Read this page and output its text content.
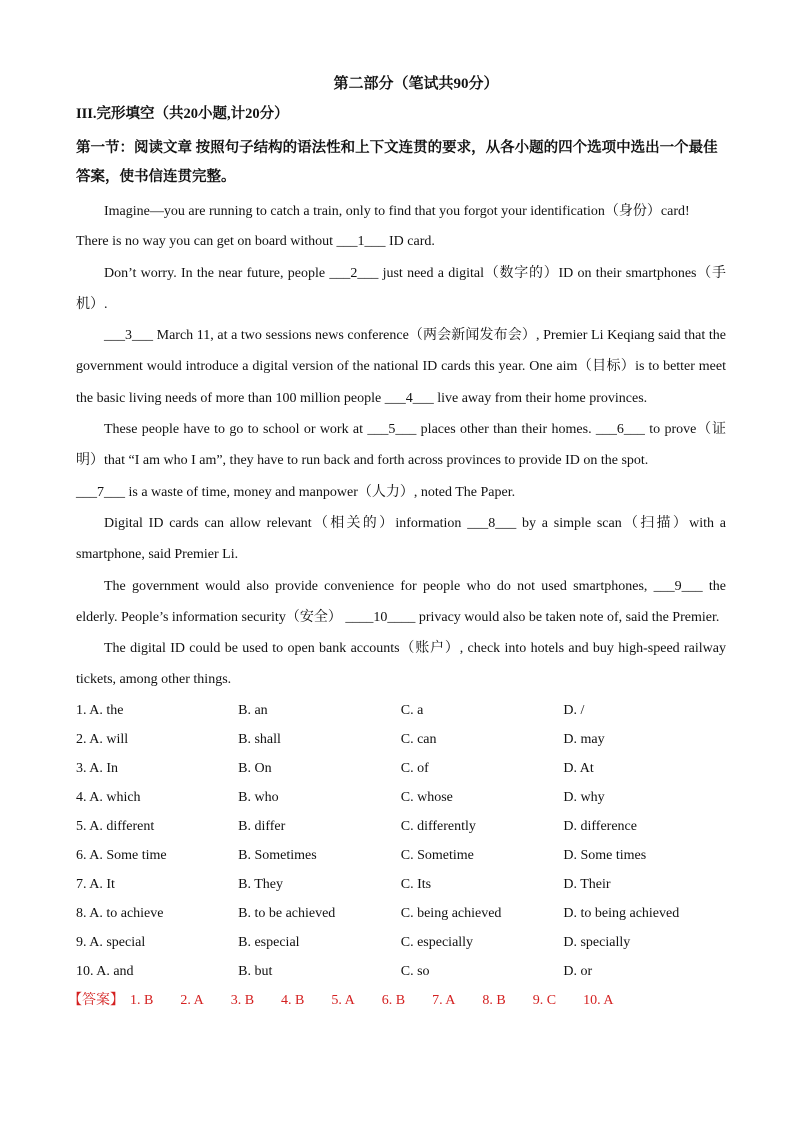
第二部分（笔试共90分）
III.完形填空（共20小题,计20分）
第一节：阅读文章 按照句子结构的语法性和上下文连贯的要求，从各小题的四个选项中选出一个最佳答案，使书信连贯完整。

Imagine—you are running to catch a train, only to find that you forgot your identification（身份）card!

There is no way you can get on board without ___1___ ID card.

Don’t worry. In the near future, people ___2___ just need a digital（数字的）ID on their smartphones（手机）.

___3___ March 11, at a two sessions news conference（两会新闻发布会）, Premier Li Keqiang said that the government would introduce a digital version of the national ID cards this year. One aim（目标）is to better meet the basic living needs of more than 100 million people ___4___ live away from their home provinces.

These people have to go to school or work at ___5___ places other than their homes. ___6___ to prove（证明）that “I am who I am”, they have to run back and forth across provinces to provide ID on the spot.

___7___ is a waste of time, money and manpower（人力）, noted The Paper.

Digital ID cards can allow relevant（相关的）information ___8___ by a simple scan（扫描）with a smartphone, said Premier Li.

The government would also provide convenience for people who do not used smartphones, ___9___ the elderly. People’s information security（安全） ____10____ privacy would also be taken note of, said the Premier.

The digital ID could be used to open bank accounts（账户）, check into hotels and buy high-speed railway tickets, among other things.

1. A. the	B. an	C. a	D. /
2. A. will	B. shall	C. can	D. may
3. A. In	B. On	C. of	D. At
4. A. which	B. who	C. whose	D. why
5. A. different	B. differ	C. differently	D. difference
6. A. Some time	B. Sometimes	C. Sometime	D. Some times
7. A. It	B. They	C. Its	D. Their
8. A. to achieve	B. to be achieved	C. being achieved	D. to being achieved
9. A. special	B. especial	C. especially	D. specially
10. A. and	B. but	C. so	D. or
【答案】 1. B 2. A 3. B 4. B 5. A 6. B 7. A 8. B 9. C 10. A
